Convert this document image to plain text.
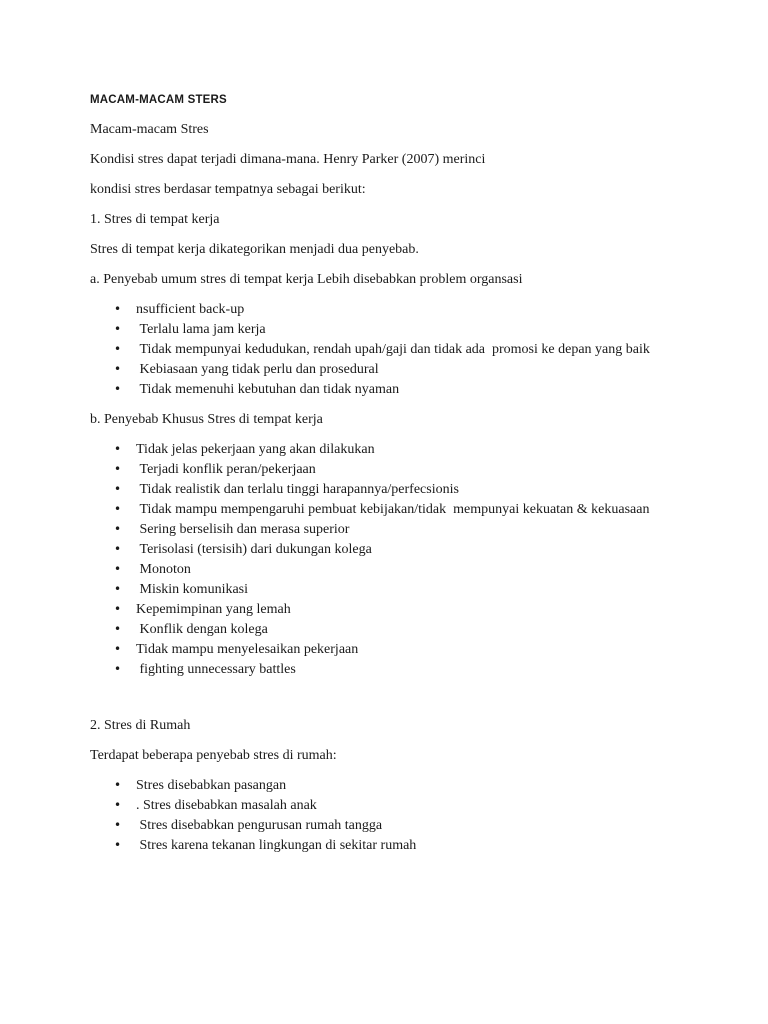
MACAM-MACAM STERS

Macam-macam Stres

Kondisi stres dapat terjadi dimana-mana. Henry Parker (2007) merinci

kondisi stres berdasar tempatnya sebagai berikut:

1. Stres di tempat kerja

Stres di tempat kerja dikategorikan menjadi dua penyebab.

a. Penyebab umum stres di tempat kerja Lebih disebabkan problem organsasi

• nsufficient back-up
• Terlalu lama jam kerja
• Tidak mempunyai kedudukan, rendah upah/gaji dan tidak ada  promosi ke depan yang baik
• Kebiasaan yang tidak perlu dan prosedural
• Tidak memenuhi kebutuhan dan tidak nyaman

b. Penyebab Khusus Stres di tempat kerja

• Tidak jelas pekerjaan yang akan dilakukan
• Terjadi konflik peran/pekerjaan
• Tidak realistik dan terlalu tinggi harapannya/perfecsionis
• Tidak mampu mempengaruhi pembuat kebijakan/tidak  mempunyai kekuatan & kekuasaan
• Sering berselisih dan merasa superior
• Terisolasi (tersisih) dari dukungan kolega
• Monoton
• Miskin komunikasi
• Kepemimpinan yang lemah
• Konflik dengan kolega
• Tidak mampu menyelesaikan pekerjaan
• fighting unnecessary battles

2. Stres di Rumah

Terdapat beberapa penyebab stres di rumah:

• Stres disebabkan pasangan
• . Stres disebabkan masalah anak
• Stres disebabkan pengurusan rumah tangga
• Stres karena tekanan lingkungan di sekitar rumah
